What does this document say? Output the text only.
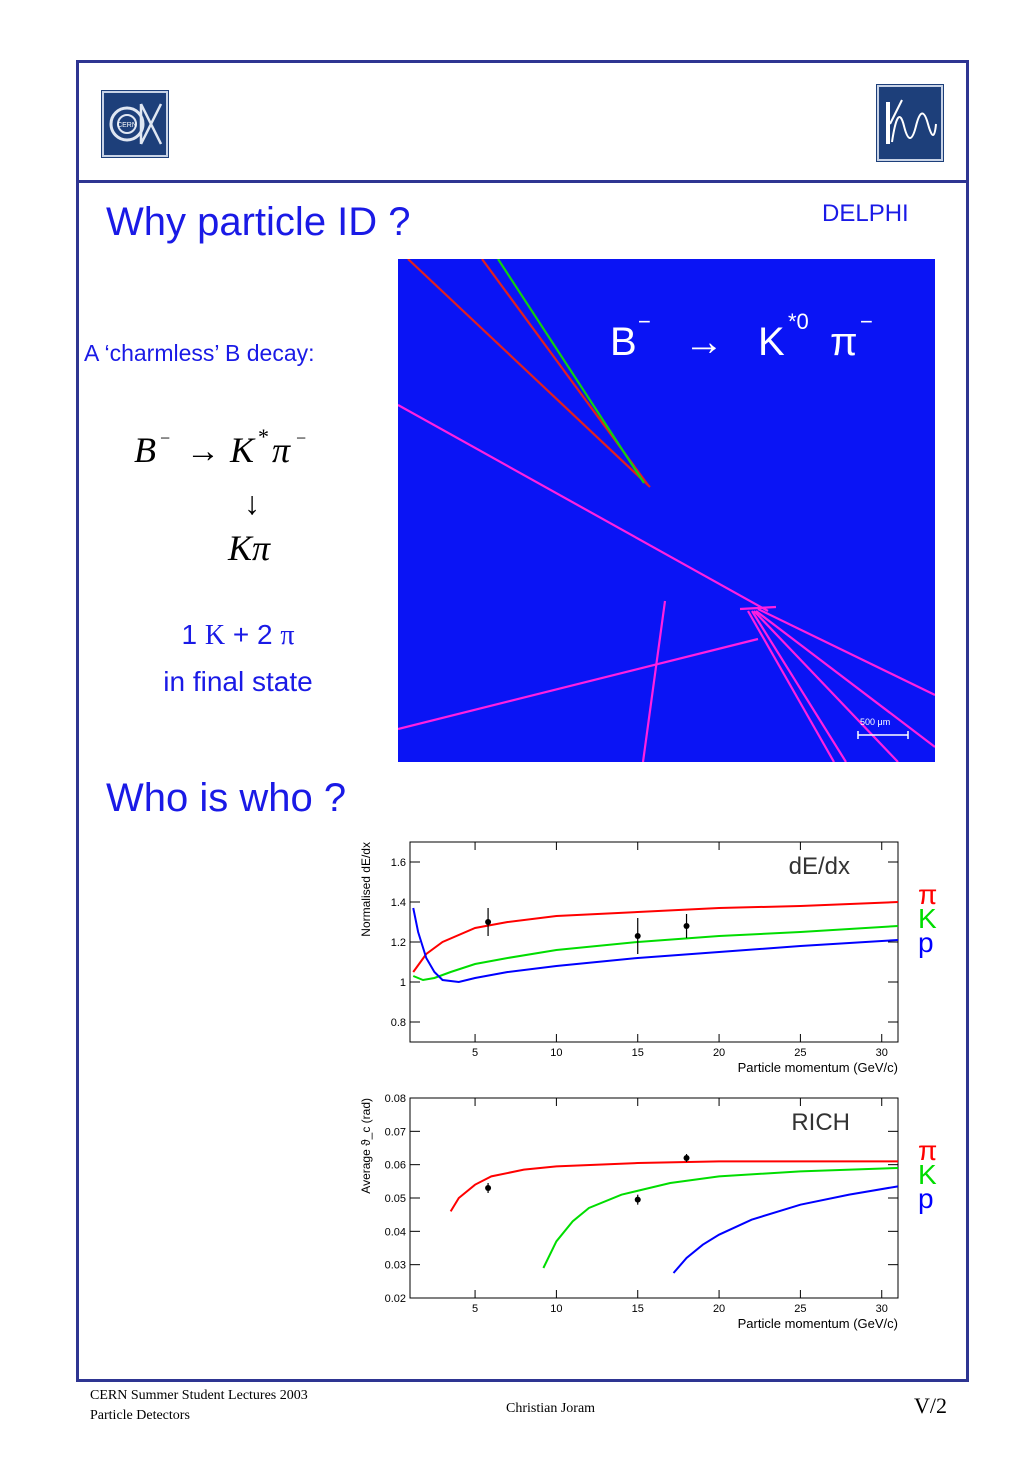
CERN
Why particle ID ?	DELPHI
A ‘charmless’ B decay:
B − → K * π −
↓
Kπ
1 K + 2 π
in final state
B − → K *0 π −
500 μm
Who is who ?
5	10	15	20	25	30
0.8
1
1.2
1.4
1.6
Particle momentum (GeV/c)
Normalised dE/dx	dE/dx
π
K
p
5	10	15	20	25	30
0.02
0.03
0.04
0.05
0.06
0.07
0.08
Particle momentum (GeV/c)
Average ϑ_c (rad)	RICH
π
K
p
CERN Summer Student Lectures 2003
Particle Detectors	Christian Joram	V/2
